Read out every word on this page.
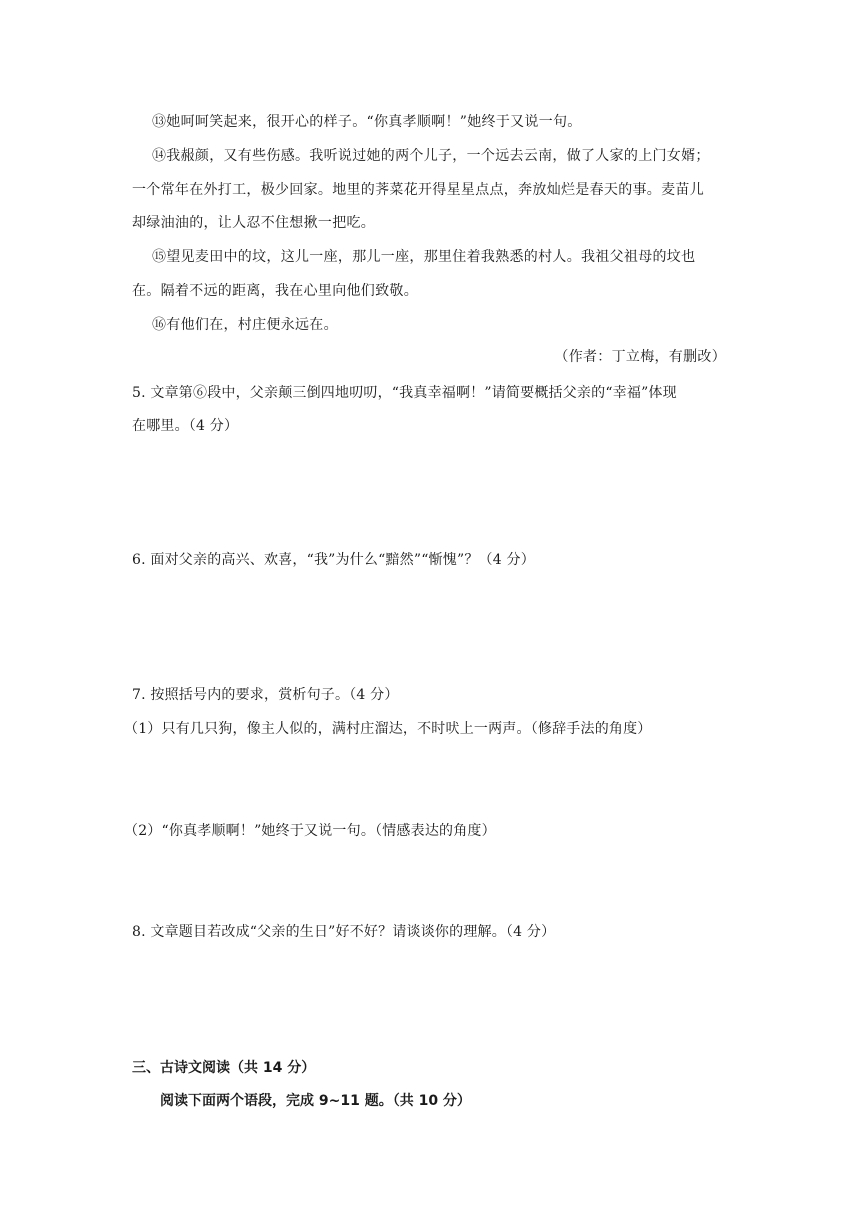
⑬她呵呵笑起来，很开心的样子。“你真孝顺啊！”她终于又说一句。
⑭我赧颜，又有些伤感。我听说过她的两个儿子，一个远去云南，做了人家的上门女婿；
一个常年在外打工，极少回家。地里的荠菜花开得星星点点，奔放灿烂是春天的事。麦苗儿
却绿油油的，让人忍不住想揪一把吃。
⑮望见麦田中的坟，这儿一座，那儿一座，那里住着我熟悉的村人。我祖父祖母的坟也
在。隔着不远的距离，我在心里向他们致敬。
⑯有他们在，村庄便永远在。
（作者：丁立梅，有删改）
5. 文章第⑥段中，父亲颠三倒四地叨叨，“我真幸福啊！”请简要概括父亲的“幸福”体现
在哪里。（4 分）
6. 面对父亲的高兴、欢喜，“我”为什么“黯然”“惭愧”？（4 分）
7. 按照括号内的要求，赏析句子。（4 分）
（1）只有几只狗，像主人似的，满村庄溜达，不时吠上一两声。（修辞手法的角度）
（2）“你真孝顺啊！”她终于又说一句。（情感表达的角度）
8. 文章题目若改成“父亲的生日”好不好？请谈谈你的理解。（4 分）
三、古诗文阅读（共 14 分）
阅读下面两个语段，完成 9~11 题。（共 10 分）
